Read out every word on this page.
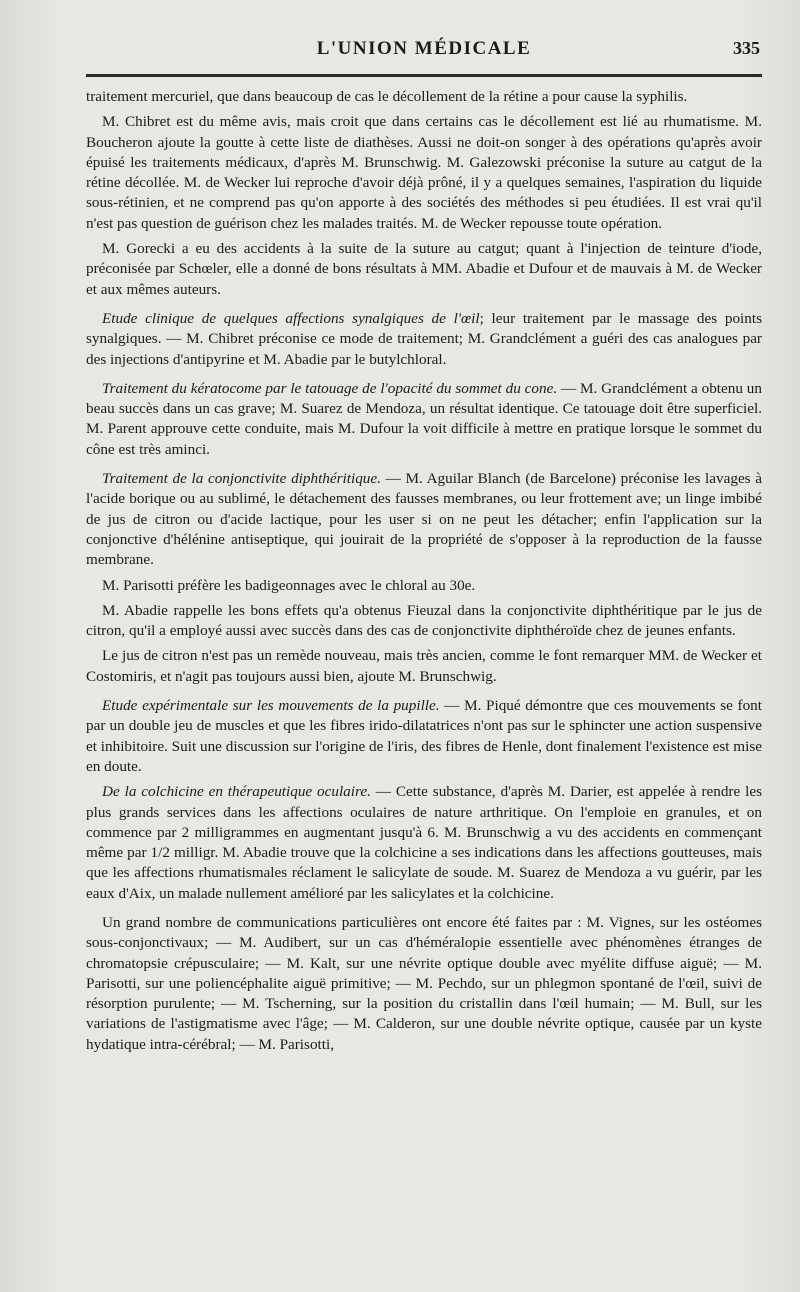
L'UNION MÉDICALE	335

traitement mercuriel, que dans beaucoup de cas le décollement de la rétine a pour cause la syphilis.

M. Chibret est du même avis, mais croit que dans certains cas le décollement est lié au rhumatisme. M. Boucheron ajoute la goutte à cette liste de diathèses. Aussi ne doit-on songer à des opérations qu'après avoir épuisé les traitements médicaux, d'après M. Brunschwig. M. Galezowski préconise la suture au catgut de la rétine décollée. M. de Wecker lui reproche d'avoir déjà prôné, il y a quelques semaines, l'aspiration du liquide sous-rétinien, et ne comprend pas qu'on apporte à des sociétés des méthodes si peu étudiées. Il est vrai qu'il n'est pas question de guérison chez les malades traités. M. de Wecker repousse toute opération.

M. Gorecki a eu des accidents à la suite de la suture au catgut; quant à l'injection de teinture d'iode, préconisée par Schœler, elle a donné de bons résultats à MM. Abadie et Dufour et de mauvais à M. de Wecker et aux mêmes auteurs.

Etude clinique de quelques affections synalgiques de l'œil; leur traitement par le massage des points synalgiques. — M. Chibret préconise ce mode de traitement; M. Grandclément a guéri des cas analogues par des injections d'antipyrine et M. Abadie par le butylchloral.

Traitement du kératocome par le tatouage de l'opacité du sommet du cone. — M. Grandclément a obtenu un beau succès dans un cas grave; M. Suarez de Mendoza, un résultat identique. Ce tatouage doit être superficiel. M. Parent approuve cette conduite, mais M. Dufour la voit difficile à mettre en pratique lorsque le sommet du cône est très aminci.

Traitement de la conjonctivite diphthéritique. — M. Aguilar Blanch (de Barcelone) préconise les lavages à l'acide borique ou au sublimé, le détachement des fausses membranes, ou leur frottement ave; un linge imbibé de jus de citron ou d'acide lactique, pour les user si on ne peut les détacher; enfin l'application sur la conjonctive d'hélénine antiseptique, qui jouirait de la propriété de s'opposer à la reproduction de la fausse membrane.

M. Parisotti préfère les badigeonnages avec le chloral au 30e.

M. Abadie rappelle les bons effets qu'a obtenus Fieuzal dans la conjonctivite diphthéritique par le jus de citron, qu'il a employé aussi avec succès dans des cas de conjonctivite diphthéroïde chez de jeunes enfants.

Le jus de citron n'est pas un remède nouveau, mais très ancien, comme le font remarquer MM. de Wecker et Costomiris, et n'agit pas toujours aussi bien, ajoute M. Brunschwig.

Etude expérimentale sur les mouvements de la pupille. — M. Piqué démontre que ces mouvements se font par un double jeu de muscles et que les fibres irido-dilatatrices n'ont pas sur le sphincter une action suspensive et inhibitoire. Suit une discussion sur l'origine de l'iris, des fibres de Henle, dont finalement l'existence est mise en doute.

De la colchicine en thérapeutique oculaire. — Cette substance, d'après M. Darier, est appelée à rendre les plus grands services dans les affections oculaires de nature arthritique. On l'emploie en granules, et on commence par 2 milligrammes en augmentant jusqu'à 6. M. Brunschwig a vu des accidents en commençant même par 1/2 milligr. M. Abadie trouve que la colchicine a ses indications dans les affections goutteuses, mais que les affections rhumatismales réclament le salicylate de soude. M. Suarez de Mendoza a vu guérir, par les eaux d'Aix, un malade nullement amélioré par les salicylates et la colchicine.

Un grand nombre de communications particulières ont encore été faites par : M. Vignes, sur les ostéomes sous-conjonctivaux; — M. Audibert, sur un cas d'héméralopie essentielle avec phénomènes étranges de chromatopsie crépusculaire; — M. Kalt, sur une névrite optique double avec myélite diffuse aiguë; — M. Parisotti, sur une poliencéphalite aiguë primitive; — M. Pechdo, sur un phlegmon spontané de l'œil, suivi de résorption purulente; — M. Tscherning, sur la position du cristallin dans l'œil humain; — M. Bull, sur les variations de l'astigmatisme avec l'âge; — M. Calderon, sur une double névrite optique, causée par un kyste hydatique intra-cérébral; — M. Parisotti,
